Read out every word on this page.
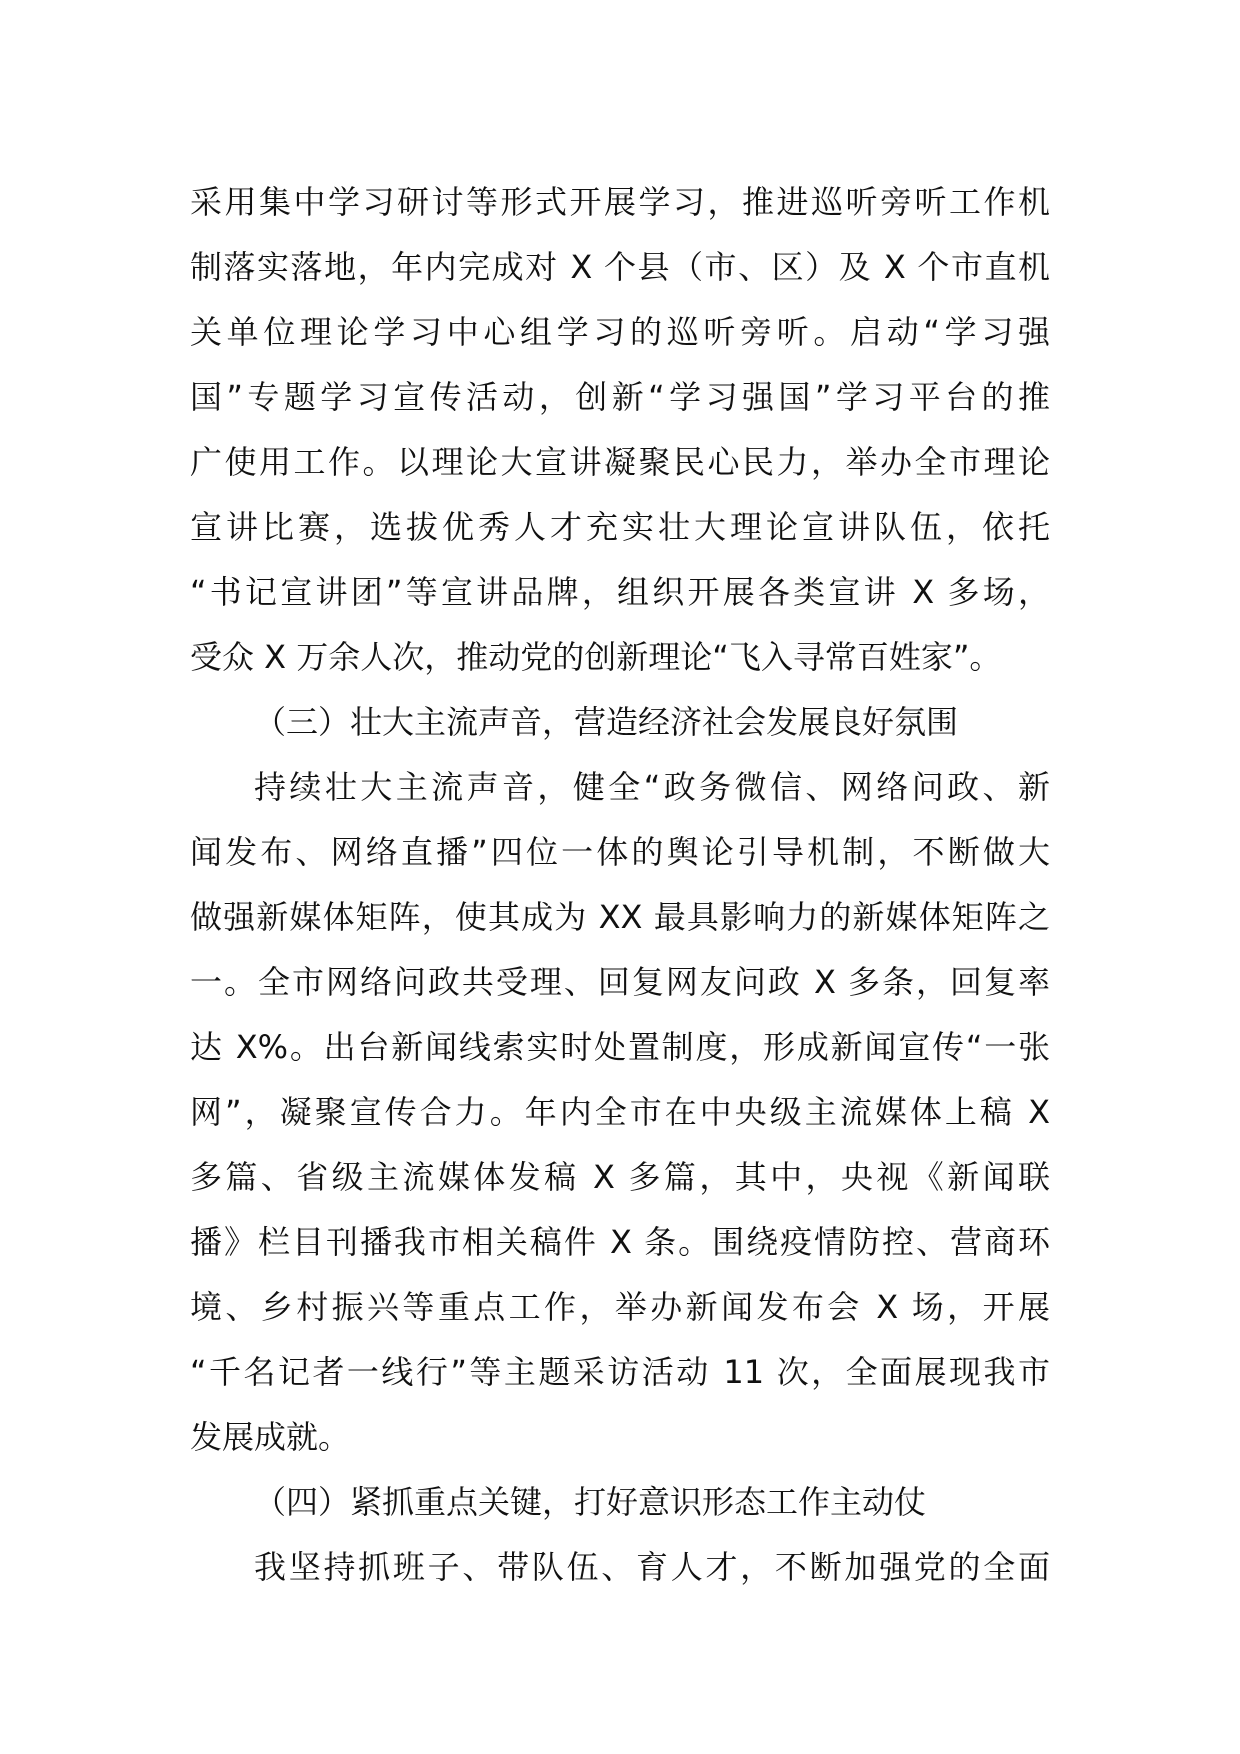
采用集中学习研讨等形式开展学习，推进巡听旁听工作机
制落实落地，年内完成对 X 个县（市、区）及 X 个市直机
关单位理论学习中心组学习的巡听旁听。启动“学习强
国”专题学习宣传活动，创新“学习强国”学习平台的推
广使用工作。以理论大宣讲凝聚民心民力，举办全市理论
宣讲比赛，选拔优秀人才充实壮大理论宣讲队伍，依托
“书记宣讲团”等宣讲品牌，组织开展各类宣讲 X 多场，
受众 X 万余人次，推动党的创新理论“飞入寻常百姓家”。
（三）壮大主流声音，营造经济社会发展良好氛围
持续壮大主流声音，健全“政务微信、网络问政、新
闻发布、网络直播”四位一体的舆论引导机制，不断做大
做强新媒体矩阵，使其成为 XX 最具影响力的新媒体矩阵之
一。全市网络问政共受理、回复网友问政 X 多条，回复率
达 X%。出台新闻线索实时处置制度，形成新闻宣传“一张
网”，凝聚宣传合力。年内全市在中央级主流媒体上稿 X
多篇、省级主流媒体发稿 X 多篇，其中，央视《新闻联
播》栏目刊播我市相关稿件 X 条。围绕疫情防控、营商环
境、乡村振兴等重点工作，举办新闻发布会 X 场，开展
“千名记者一线行”等主题采访活动 11 次，全面展现我市
发展成就。
（四）紧抓重点关键，打好意识形态工作主动仗
我坚持抓班子、带队伍、育人才，不断加强党的全面
